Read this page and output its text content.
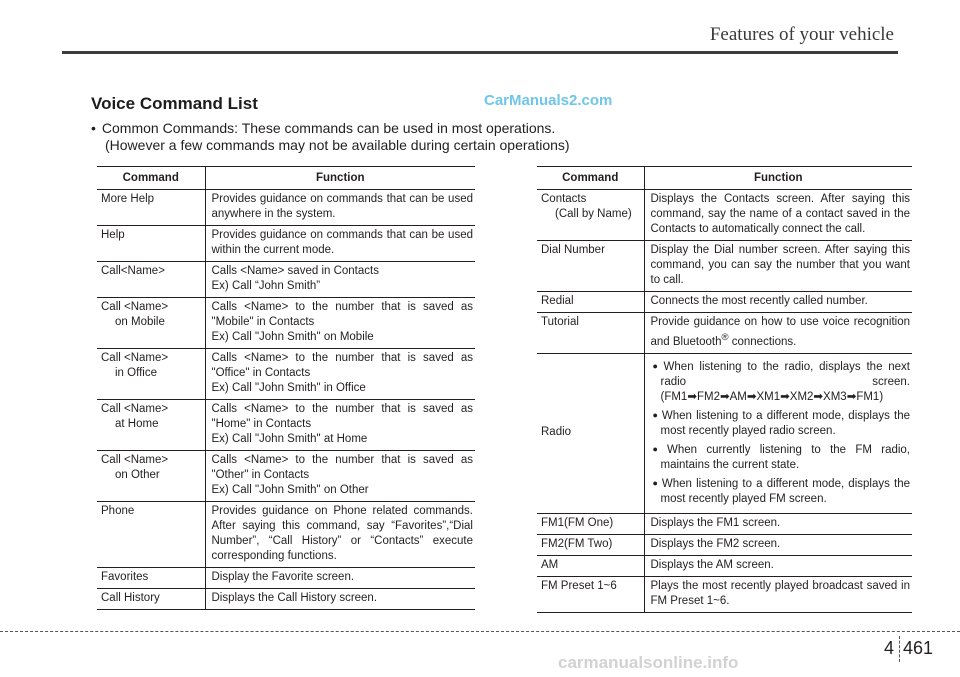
Features of your vehicle
Voice Command List	CarManuals2.com
• Common Commands: These commands can be used in most operations.
(However a few commands may not be available during certain operations)
Command	Function
More Help	Provides guidance on commands that can be used anywhere in the system.
Help	Provides guidance on commands that can be used within the current mode.
Call<Name>	Calls <Name> saved in Contacts
Ex) Call “John Smith”

Call <Name>
on Mobile	Calls <Name> to the number that is saved as "Mobile" in Contacts
Ex) Call "John Smith" on Mobile

Call <Name>
in Office	Calls <Name> to the number that is saved as "Office" in Contacts
Ex) Call "John Smith" in Office

Call <Name>
at Home	Calls <Name> to the number that is saved as "Home" in Contacts
Ex) Call "John Smith" at Home

Call <Name>
on Other	Calls <Name> to the number that is saved as "Other" in Contacts
Ex) Call "John Smith" on Other

Phone	Provides guidance on Phone related commands. After saying this command, say “Favorites”,“Dial Number”, “Call History” or “Contacts” execute corresponding functions.
Favorites	Display the Favorite screen.
Call History	Displays the Call History screen.
Command	Function
Contacts
(Call by Name)	Displays the Contacts screen. After saying this command, say the name of a contact saved in the Contacts to automatically connect the call.
Dial Number	Display the Dial number screen. After saying this command, you can say the number that you want to call.
Redial	Connects the most recently called number.
Tutorial	Provide guidance on how to use voice recognition and Bluetooth® connections.
Radio	● When listening to the radio, displays the next radio screen. (FM1➡FM2➡AM➡XM1➡XM2➡XM3➡FM1)
● When listening to a different mode, displays the most recently played radio screen.
● When currently listening to the FM radio, maintains the current state.
● When listening to a different mode, displays the most recently played FM screen.

FM1(FM One)	Displays the FM1 screen.
FM2(FM Two)	Displays the FM2 screen.
AM	Displays the AM screen.
FM Preset 1~6	Plays the most recently played broadcast saved in FM Preset 1~6.
4 461
carmanualsonline.info
